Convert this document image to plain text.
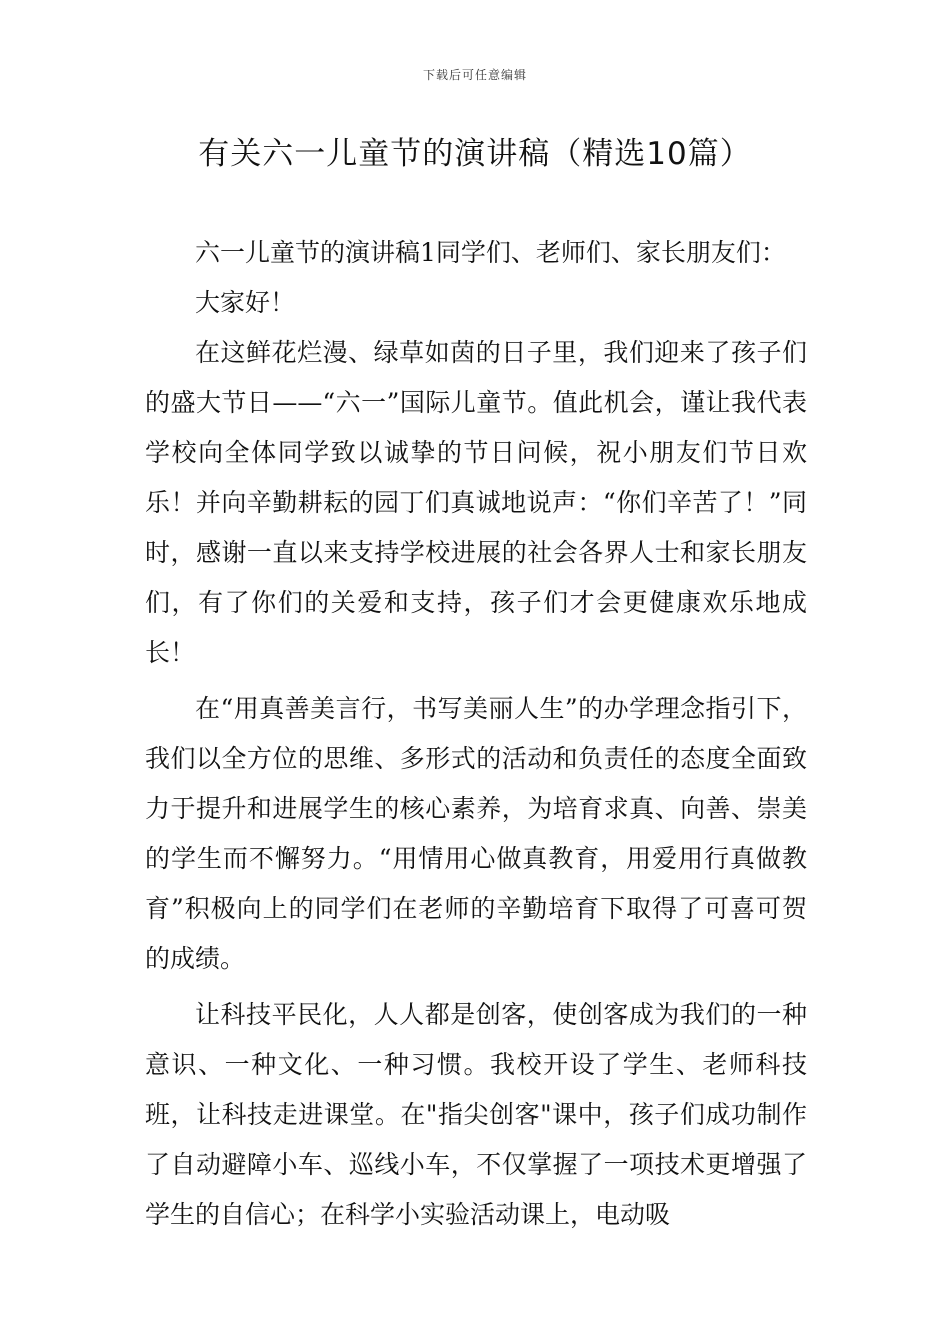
下载后可任意编辑
有关六一儿童节的演讲稿（精选10篇）

六一儿童节的演讲稿1同学们、老师们、家长朋友们：

大家好！

在这鲜花烂漫、绿草如茵的日子里，我们迎来了孩子们的盛大节日——“六一”国际儿童节。值此机会，谨让我代表学校向全体同学致以诚挚的节日问候，祝小朋友们节日欢乐！并向辛勤耕耘的园丁们真诚地说声：“你们辛苦了！”同时，感谢一直以来支持学校进展的社会各界人士和家长朋友们，有了你们的关爱和支持，孩子们才会更健康欢乐地成长！

在“用真善美言行，书写美丽人生”的办学理念指引下，我们以全方位的思维、多形式的活动和负责任的态度全面致力于提升和进展学生的核心素养，为培育求真、向善、崇美的学生而不懈努力。“用情用心做真教育，用爱用行真做教育”积极向上的同学们在老师的辛勤培育下取得了可喜可贺的成绩。

让科技平民化，人人都是创客，使创客成为我们的一种意识、一种文化、一种习惯。我校开设了学生、老师科技班，让科技走进课堂。在"指尖创客"课中，孩子们成功制作了自动避障小车、巡线小车，不仅掌握了一项技术更增强了学生的自信心；在科学小实验活动课上，电动吸
